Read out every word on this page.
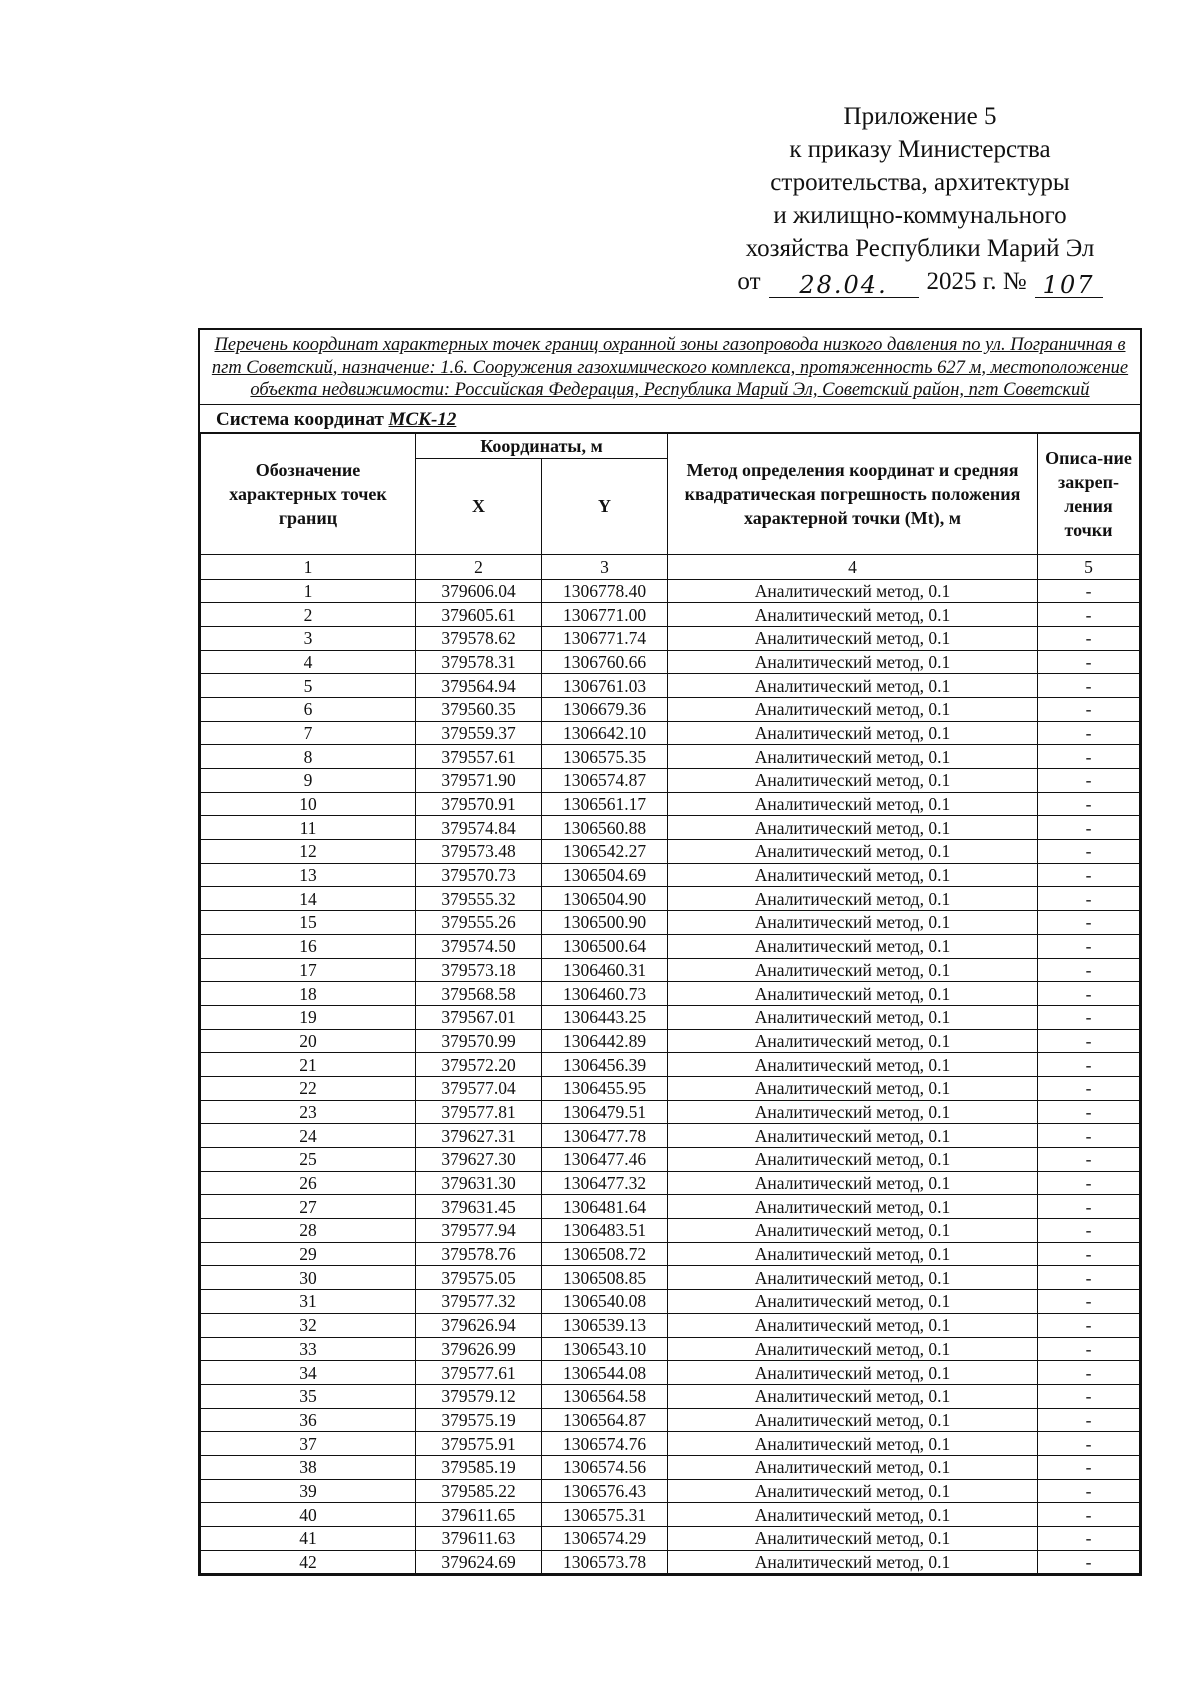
Приложение 5
к приказу Министерства
строительства, архитектуры
и жилищно-коммунального
хозяйства Республики Марий Эл
от	28.04.	2025 г. № 107
Перечень координат характерных точек границ охранной зоны газопровода низкого давления по ул. Пограничная в пгт Советский, назначение: 1.6. Сооружения газохимического комплекса, протяженность 627 м, местоположение объекта недвижимости: Российская Федерация, Республика Марий Эл, Советский район, пгт Советский
Система координат МСК-12
Обозначение характерных точек границ	Координаты, м		Метод определения координат и средняя квадратическая погрешность положения характерной точки (Mt), м	Описа-ние закреп-ления точки
	X	Y		
1	2	3	4	5
1	379606.04	1306778.40	Аналитический метод, 0.1	-
2	379605.61	1306771.00	Аналитический метод, 0.1	-
3	379578.62	1306771.74	Аналитический метод, 0.1	-
4	379578.31	1306760.66	Аналитический метод, 0.1	-
5	379564.94	1306761.03	Аналитический метод, 0.1	-
6	379560.35	1306679.36	Аналитический метод, 0.1	-
7	379559.37	1306642.10	Аналитический метод, 0.1	-
8	379557.61	1306575.35	Аналитический метод, 0.1	-
9	379571.90	1306574.87	Аналитический метод, 0.1	-
10	379570.91	1306561.17	Аналитический метод, 0.1	-
11	379574.84	1306560.88	Аналитический метод, 0.1	-
12	379573.48	1306542.27	Аналитический метод, 0.1	-
13	379570.73	1306504.69	Аналитический метод, 0.1	-
14	379555.32	1306504.90	Аналитический метод, 0.1	-
15	379555.26	1306500.90	Аналитический метод, 0.1	-
16	379574.50	1306500.64	Аналитический метод, 0.1	-
17	379573.18	1306460.31	Аналитический метод, 0.1	-
18	379568.58	1306460.73	Аналитический метод, 0.1	-
19	379567.01	1306443.25	Аналитический метод, 0.1	-
20	379570.99	1306442.89	Аналитический метод, 0.1	-
21	379572.20	1306456.39	Аналитический метод, 0.1	-
22	379577.04	1306455.95	Аналитический метод, 0.1	-
23	379577.81	1306479.51	Аналитический метод, 0.1	-
24	379627.31	1306477.78	Аналитический метод, 0.1	-
25	379627.30	1306477.46	Аналитический метод, 0.1	-
26	379631.30	1306477.32	Аналитический метод, 0.1	-
27	379631.45	1306481.64	Аналитический метод, 0.1	-
28	379577.94	1306483.51	Аналитический метод, 0.1	-
29	379578.76	1306508.72	Аналитический метод, 0.1	-
30	379575.05	1306508.85	Аналитический метод, 0.1	-
31	379577.32	1306540.08	Аналитический метод, 0.1	-
32	379626.94	1306539.13	Аналитический метод, 0.1	-
33	379626.99	1306543.10	Аналитический метод, 0.1	-
34	379577.61	1306544.08	Аналитический метод, 0.1	-
35	379579.12	1306564.58	Аналитический метод, 0.1	-
36	379575.19	1306564.87	Аналитический метод, 0.1	-
37	379575.91	1306574.76	Аналитический метод, 0.1	-
38	379585.19	1306574.56	Аналитический метод, 0.1	-
39	379585.22	1306576.43	Аналитический метод, 0.1	-
40	379611.65	1306575.31	Аналитический метод, 0.1	-
41	379611.63	1306574.29	Аналитический метод, 0.1	-
42	379624.69	1306573.78	Аналитический метод, 0.1	-
